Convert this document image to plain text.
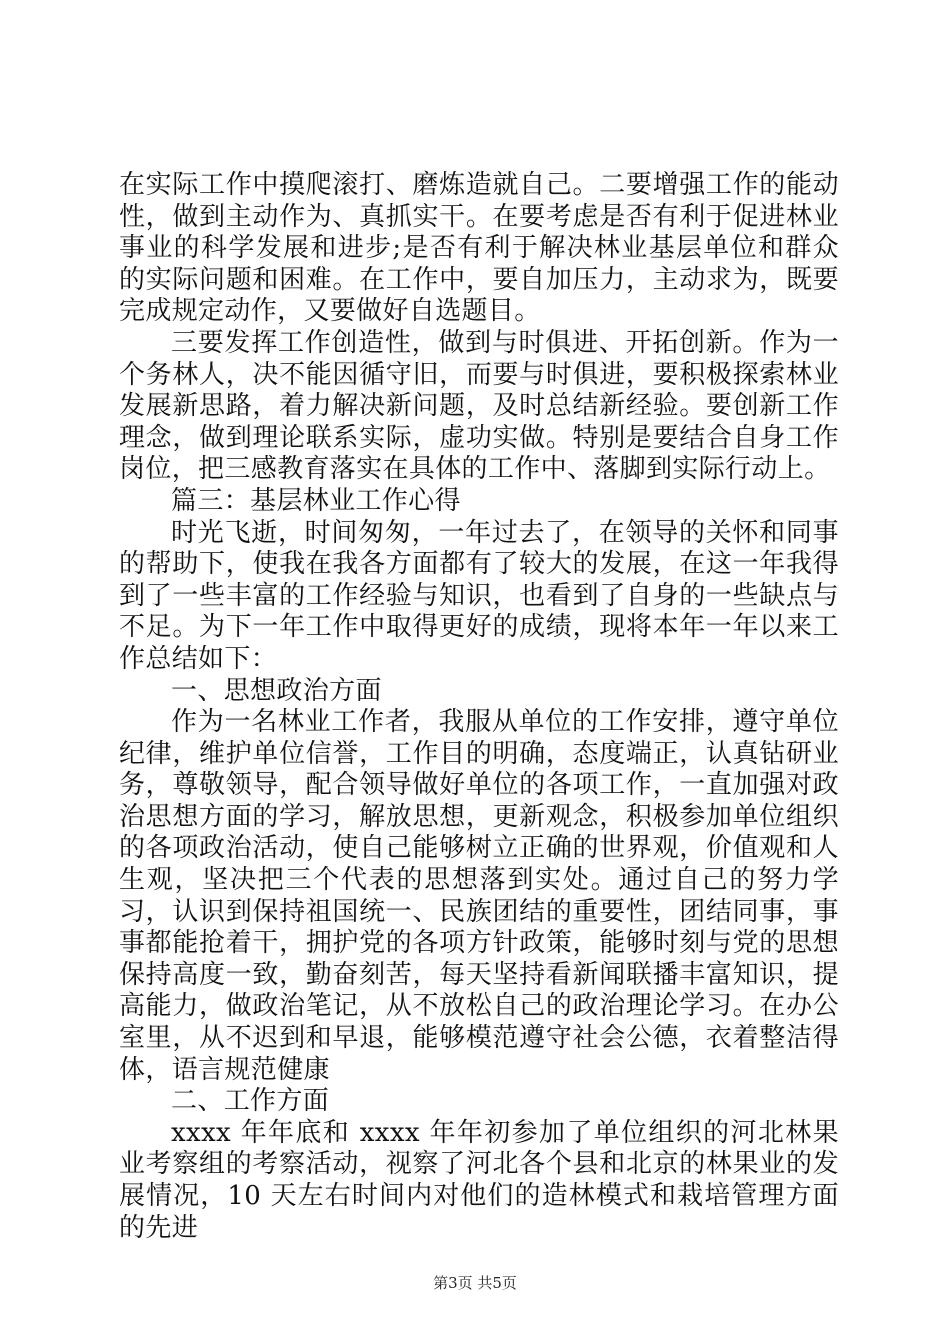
在实际工作中摸爬滚打、磨炼造就自己。二要增强工作的能动性，做到主动作为、真抓实干。在要考虑是否有利于促进林业事业的科学发展和进步;是否有利于解决林业基层单位和群众的实际问题和困难。在工作中，要自加压力，主动求为，既要完成规定动作，又要做好自选题目。

三要发挥工作创造性，做到与时俱进、开拓创新。作为一个务林人，决不能因循守旧，而要与时俱进，要积极探索林业发展新思路，着力解决新问题，及时总结新经验。要创新工作理念，做到理论联系实际，虚功实做。特别是要结合自身工作岗位，把三感教育落实在具体的工作中、落脚到实际行动上。

篇三：基层林业工作心得

时光飞逝，时间匆匆，一年过去了，在领导的关怀和同事的帮助下，使我在我各方面都有了较大的发展，在这一年我得到了一些丰富的工作经验与知识，也看到了自身的一些缺点与不足。为下一年工作中取得更好的成绩，现将本年一年以来工作总结如下：

一、思想政治方面

作为一名林业工作者，我服从单位的工作安排，遵守单位纪律，维护单位信誉，工作目的明确，态度端正，认真钻研业务，尊敬领导，配合领导做好单位的各项工作，一直加强对政治思想方面的学习，解放思想，更新观念，积极参加单位组织的各项政治活动，使自己能够树立正确的世界观，价值观和人生观，坚决把三个代表的思想落到实处。通过自己的努力学习，认识到保持祖国统一、民族团结的重要性，团结同事，事事都能抢着干，拥护党的各项方针政策，能够时刻与党的思想保持高度一致，勤奋刻苦，每天坚持看新闻联播丰富知识，提高能力，做政治笔记，从不放松自己的政治理论学习。在办公室里，从不迟到和早退，能够模范遵守社会公德，衣着整洁得体，语言规范健康

二、工作方面

xxxx 年年底和 xxxx 年年初参加了单位组织的河北林果业考察组的考察活动，视察了河北各个县和北京的林果业的发展情况，10 天左右时间内对他们的造林模式和栽培管理方面的先进

第3页 共5页
